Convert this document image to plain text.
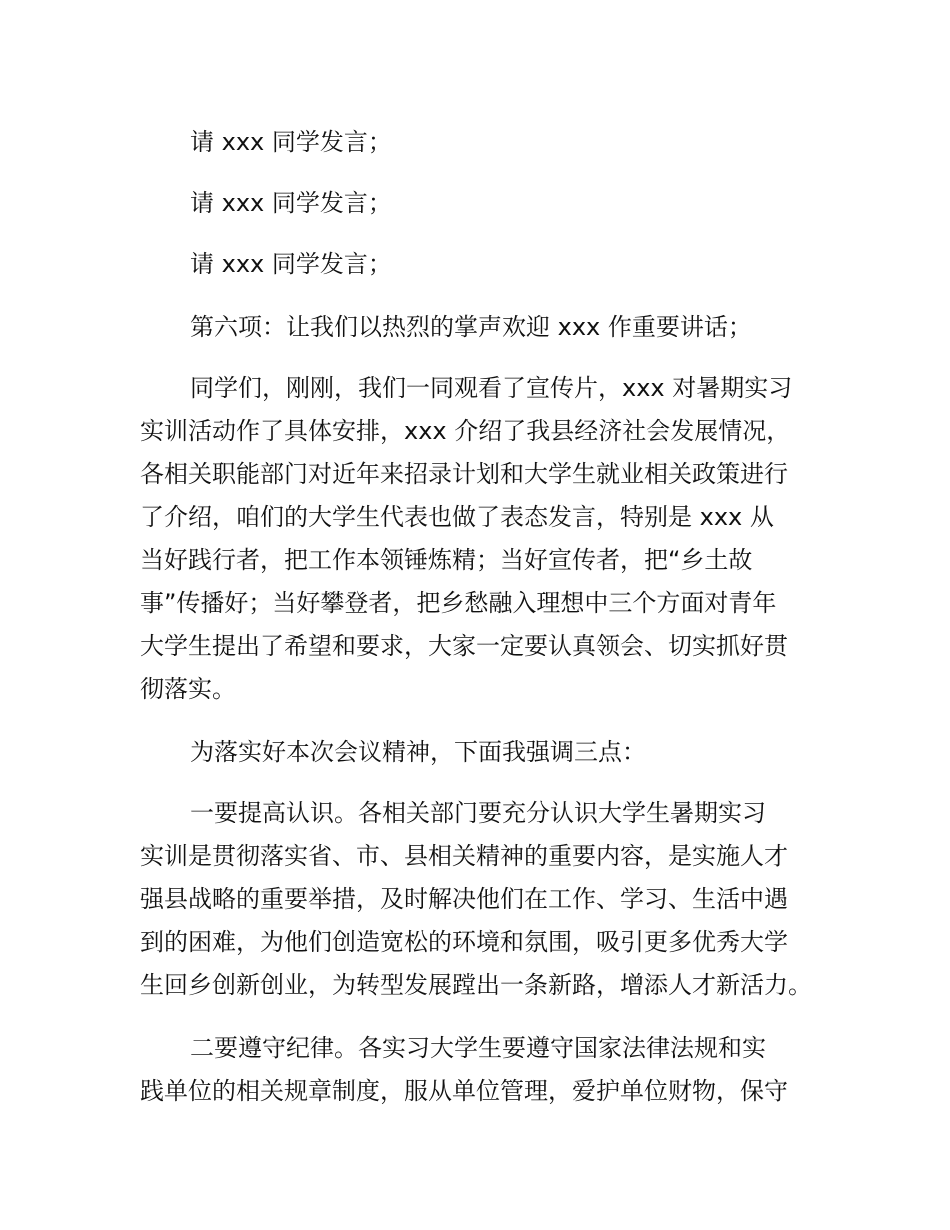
请 xxx 同学发言；

请 xxx 同学发言；

请 xxx 同学发言；

第六项：让我们以热烈的掌声欢迎 xxx 作重要讲话；

同学们，刚刚，我们一同观看了宣传片，xxx 对暑期实习

实训活动作了具体安排，xxx 介绍了我县经济社会发展情况，

各相关职能部门对近年来招录计划和大学生就业相关政策进行

了介绍，咱们的大学生代表也做了表态发言，特别是 xxx 从

当好践行者，把工作本领锤炼精；当好宣传者，把“乡土故

事”传播好；当好攀登者，把乡愁融入理想中三个方面对青年

大学生提出了希望和要求，大家一定要认真领会、切实抓好贯

彻落实。

为落实好本次会议精神，下面我强调三点：

一要提高认识。各相关部门要充分认识大学生暑期实习

实训是贯彻落实省、市、县相关精神的重要内容，是实施人才

强县战略的重要举措，及时解决他们在工作、学习、生活中遇

到的困难，为他们创造宽松的环境和氛围，吸引更多优秀大学

生回乡创新创业，为转型发展蹚出一条新路，增添人才新活力。

二要遵守纪律。各实习大学生要遵守国家法律法规和实

践单位的相关规章制度，服从单位管理，爱护单位财物，保守
